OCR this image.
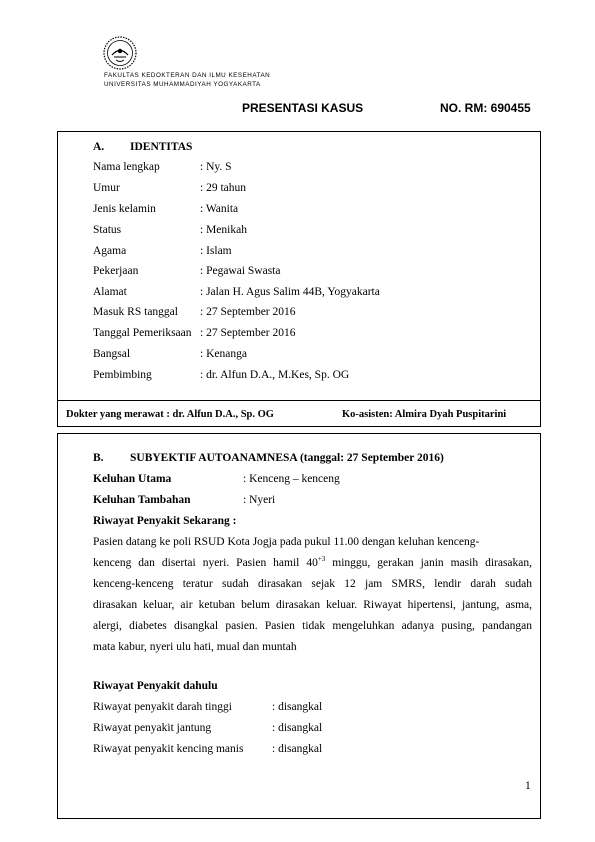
FAKULTAS KEDOKTERAN DAN ILMU KESEHATAN
UNIVERSITAS MUHAMMADIYAH YOGYAKARTA
PRESENTASI KASUS	NO. RM: 690455
A. IDENTITAS
Nama lengkap	: Ny. S
Umur	: 29 tahun
Jenis kelamin	: Wanita
Status	: Menikah
Agama	: Islam
Pekerjaan	: Pegawai Swasta
Alamat	: Jalan H. Agus Salim 44B, Yogyakarta
Masuk RS tanggal : 27 September 2016
Tanggal Pemeriksaan : 27 September 2016
Bangsal	: Kenanga
Pembimbing	: dr. Alfun D.A., M.Kes, Sp. OG
Dokter yang merawat : dr. Alfun D.A., Sp. OG	Ko-asisten: Almira Dyah Puspitarini
B. SUBYEKTIF AUTOANAMNESA (tanggal: 27 September 2016)
Keluhan Utama	: Kenceng – kenceng
Keluhan Tambahan	: Nyeri
Riwayat Penyakit Sekarang :
Pasien datang ke poli RSUD Kota Jogja pada pukul 11.00 dengan keluhan kenceng-
kenceng dan disertai nyeri. Pasien hamil $40^{+3}$ minggu, gerakan janin masih dirasakan,
kenceng-kenceng teratur sudah dirasakan sejak 12 jam SMRS, lendir darah sudah
dirasakan keluar, air ketuban belum dirasakan keluar. Riwayat hipertensi, jantung, asma,
alergi, diabetes disangkal pasien. Pasien tidak mengeluhkan adanya pusing, pandangan
mata kabur, nyeri ulu hati, mual dan muntah
Riwayat Penyakit dahulu
Riwayat penyakit darah tinggi	: disangkal
Riwayat penyakit jantung	: disangkal
Riwayat penyakit kencing manis : disangkal
1
